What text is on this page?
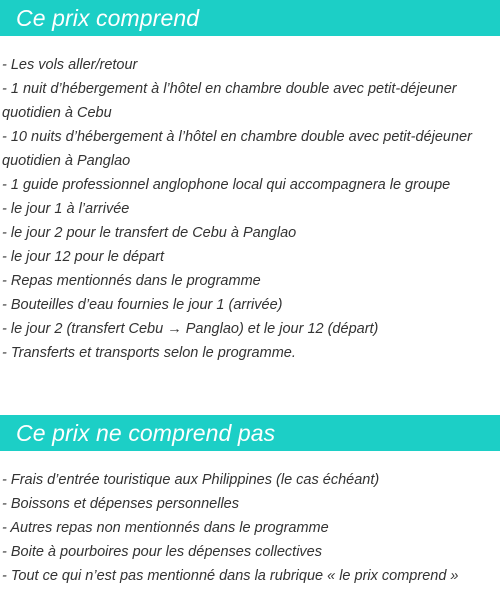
Ce prix comprend
- Les vols aller/retour
- 1 nuit d’hébergement à l’hôtel en chambre double avec petit-déjeuner
quotidien à Cebu
- 10 nuits d’hébergement à l’hôtel en chambre double avec petit-déjeuner
quotidien à Panglao
- 1 guide professionnel anglophone local qui accompagnera le groupe
- le jour 1 à l’arrivée
- le jour 2 pour le transfert de Cebu à Panglao
- le jour 12 pour le départ
- Repas mentionnés dans le programme
- Bouteilles d’eau fournies le jour 1 (arrivée)
- le jour 2 (transfert Cebu → Panglao) et le jour 12 (départ)
- Transferts et transports selon le programme.
Ce prix ne comprend pas
- Frais d’entrée touristique aux Philippines (le cas échéant)
- Boissons et dépenses personnelles
- Autres repas non mentionnés dans le programme
- Boite à pourboires pour les dépenses collectives
- Tout ce qui n’est pas mentionné dans la rubrique « le prix comprend »
